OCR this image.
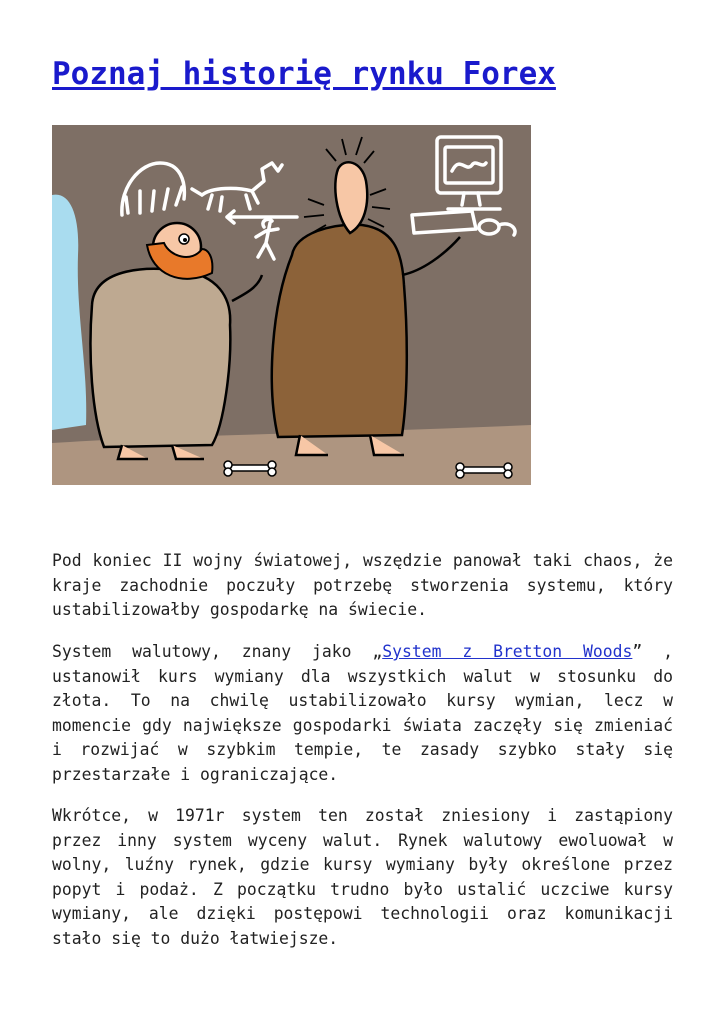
Poznaj historię rynku Forex

Pod koniec II wojny światowej, wszędzie panował taki chaos, że kraje zachodnie poczuły potrzebę stworzenia systemu, który ustabilizowałby gospodarkę na świecie.

System walutowy, znany jako „System z Bretton Woods” , ustanowił kurs wymiany dla wszystkich walut w stosunku do złota. To na chwilę ustabilizowało kursy wymian, lecz w momencie gdy największe gospodarki świata zaczęły się zmieniać i rozwijać w szybkim tempie, te zasady szybko stały się przestarzałe i ograniczające.

Wkrótce, w 1971r system ten został zniesiony i zastąpiony przez inny system wyceny walut. Rynek walutowy ewoluował w wolny, luźny rynek, gdzie kursy wymiany były określone przez popyt i podaż. Z początku trudno było ustalić uczciwe kursy wymiany, ale dzięki postępowi technologii oraz komunikacji stało się to dużo łatwiejsze.
